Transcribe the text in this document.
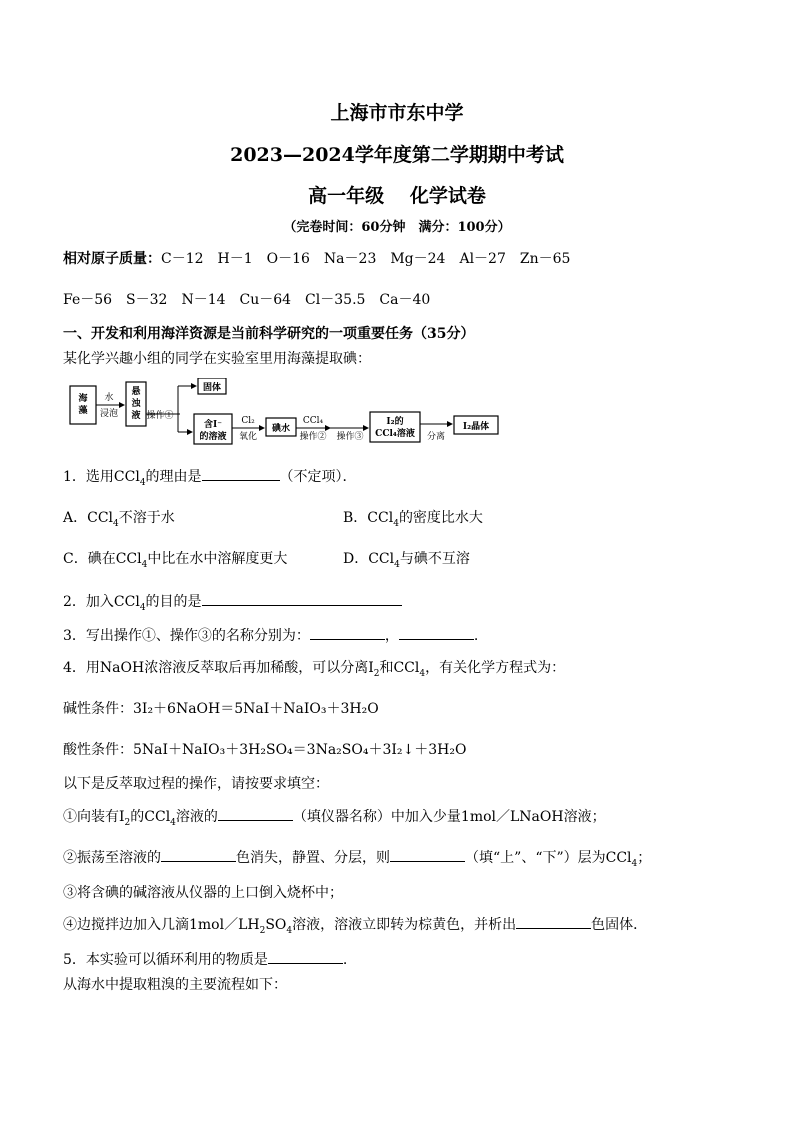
上海市市东中学
2023—2024学年度第二学期期中考试
高一年级　 化学试卷
（完卷时间：60分钟　满分：100分）
相对原子质量：C－12　H－1　O－16　Na－23　Mg－24　Al－27　Zn－65
Fe－56　S－32　N－14　Cu－64　Cl－35.5　Ca－40
一、开发和利用海洋资源是当前科学研究的一项重要任务（35分）
某化学兴趣小组的同学在实验室里用海藻提取碘：
海
藻
水
浸泡
悬
浊
液 操作①
固体
含I⁻
的溶液
Cl₂
氧化
碘水
CCl₄
操作② 操作③
I₂的
CCl₄溶液 分离
I₂晶体
1．选用CCl$_4$的理由是	（不定项）．
A．CCl$_4$不溶于水	B．CCl$_4$的密度比水大
C．碘在CCl$_4$中比在水中溶解度更大	D．CCl$_4$与碘不互溶
2．加入CCl$_4$的目的是
3．写出操作①、操作③的名称分别为：	，	.
4．用NaOH浓溶液反萃取后再加稀酸，可以分离$I_2$和CCl$_4$，有关化学方程式为：
碱性条件：3I₂＋6NaOH＝5NaI＋NaIO₃＋3H₂O
酸性条件：5NaI＋NaIO₃＋3H₂SO₄＝3Na₂SO₄＋3I₂↓＋3H₂O
以下是反萃取过程的操作，请按要求填空：
①向装有$I_2$的CCl$_4$溶液的	（填仪器名称）中加入少量1mol／LNaOH溶液；
②振荡至溶液的	色消失，静置、分层，则	（填“上”、“下”）层为CCl$_4$；
③将含碘的碱溶液从仪器的上口倒入烧杯中；
④边搅拌边加入几滴$1mol/LH_2SO_4$溶液，溶液立即转为棕黄色，并析出	色固体．
5．本实验可以循环利用的物质是	.
从海水中提取粗溴的主要流程如下：
